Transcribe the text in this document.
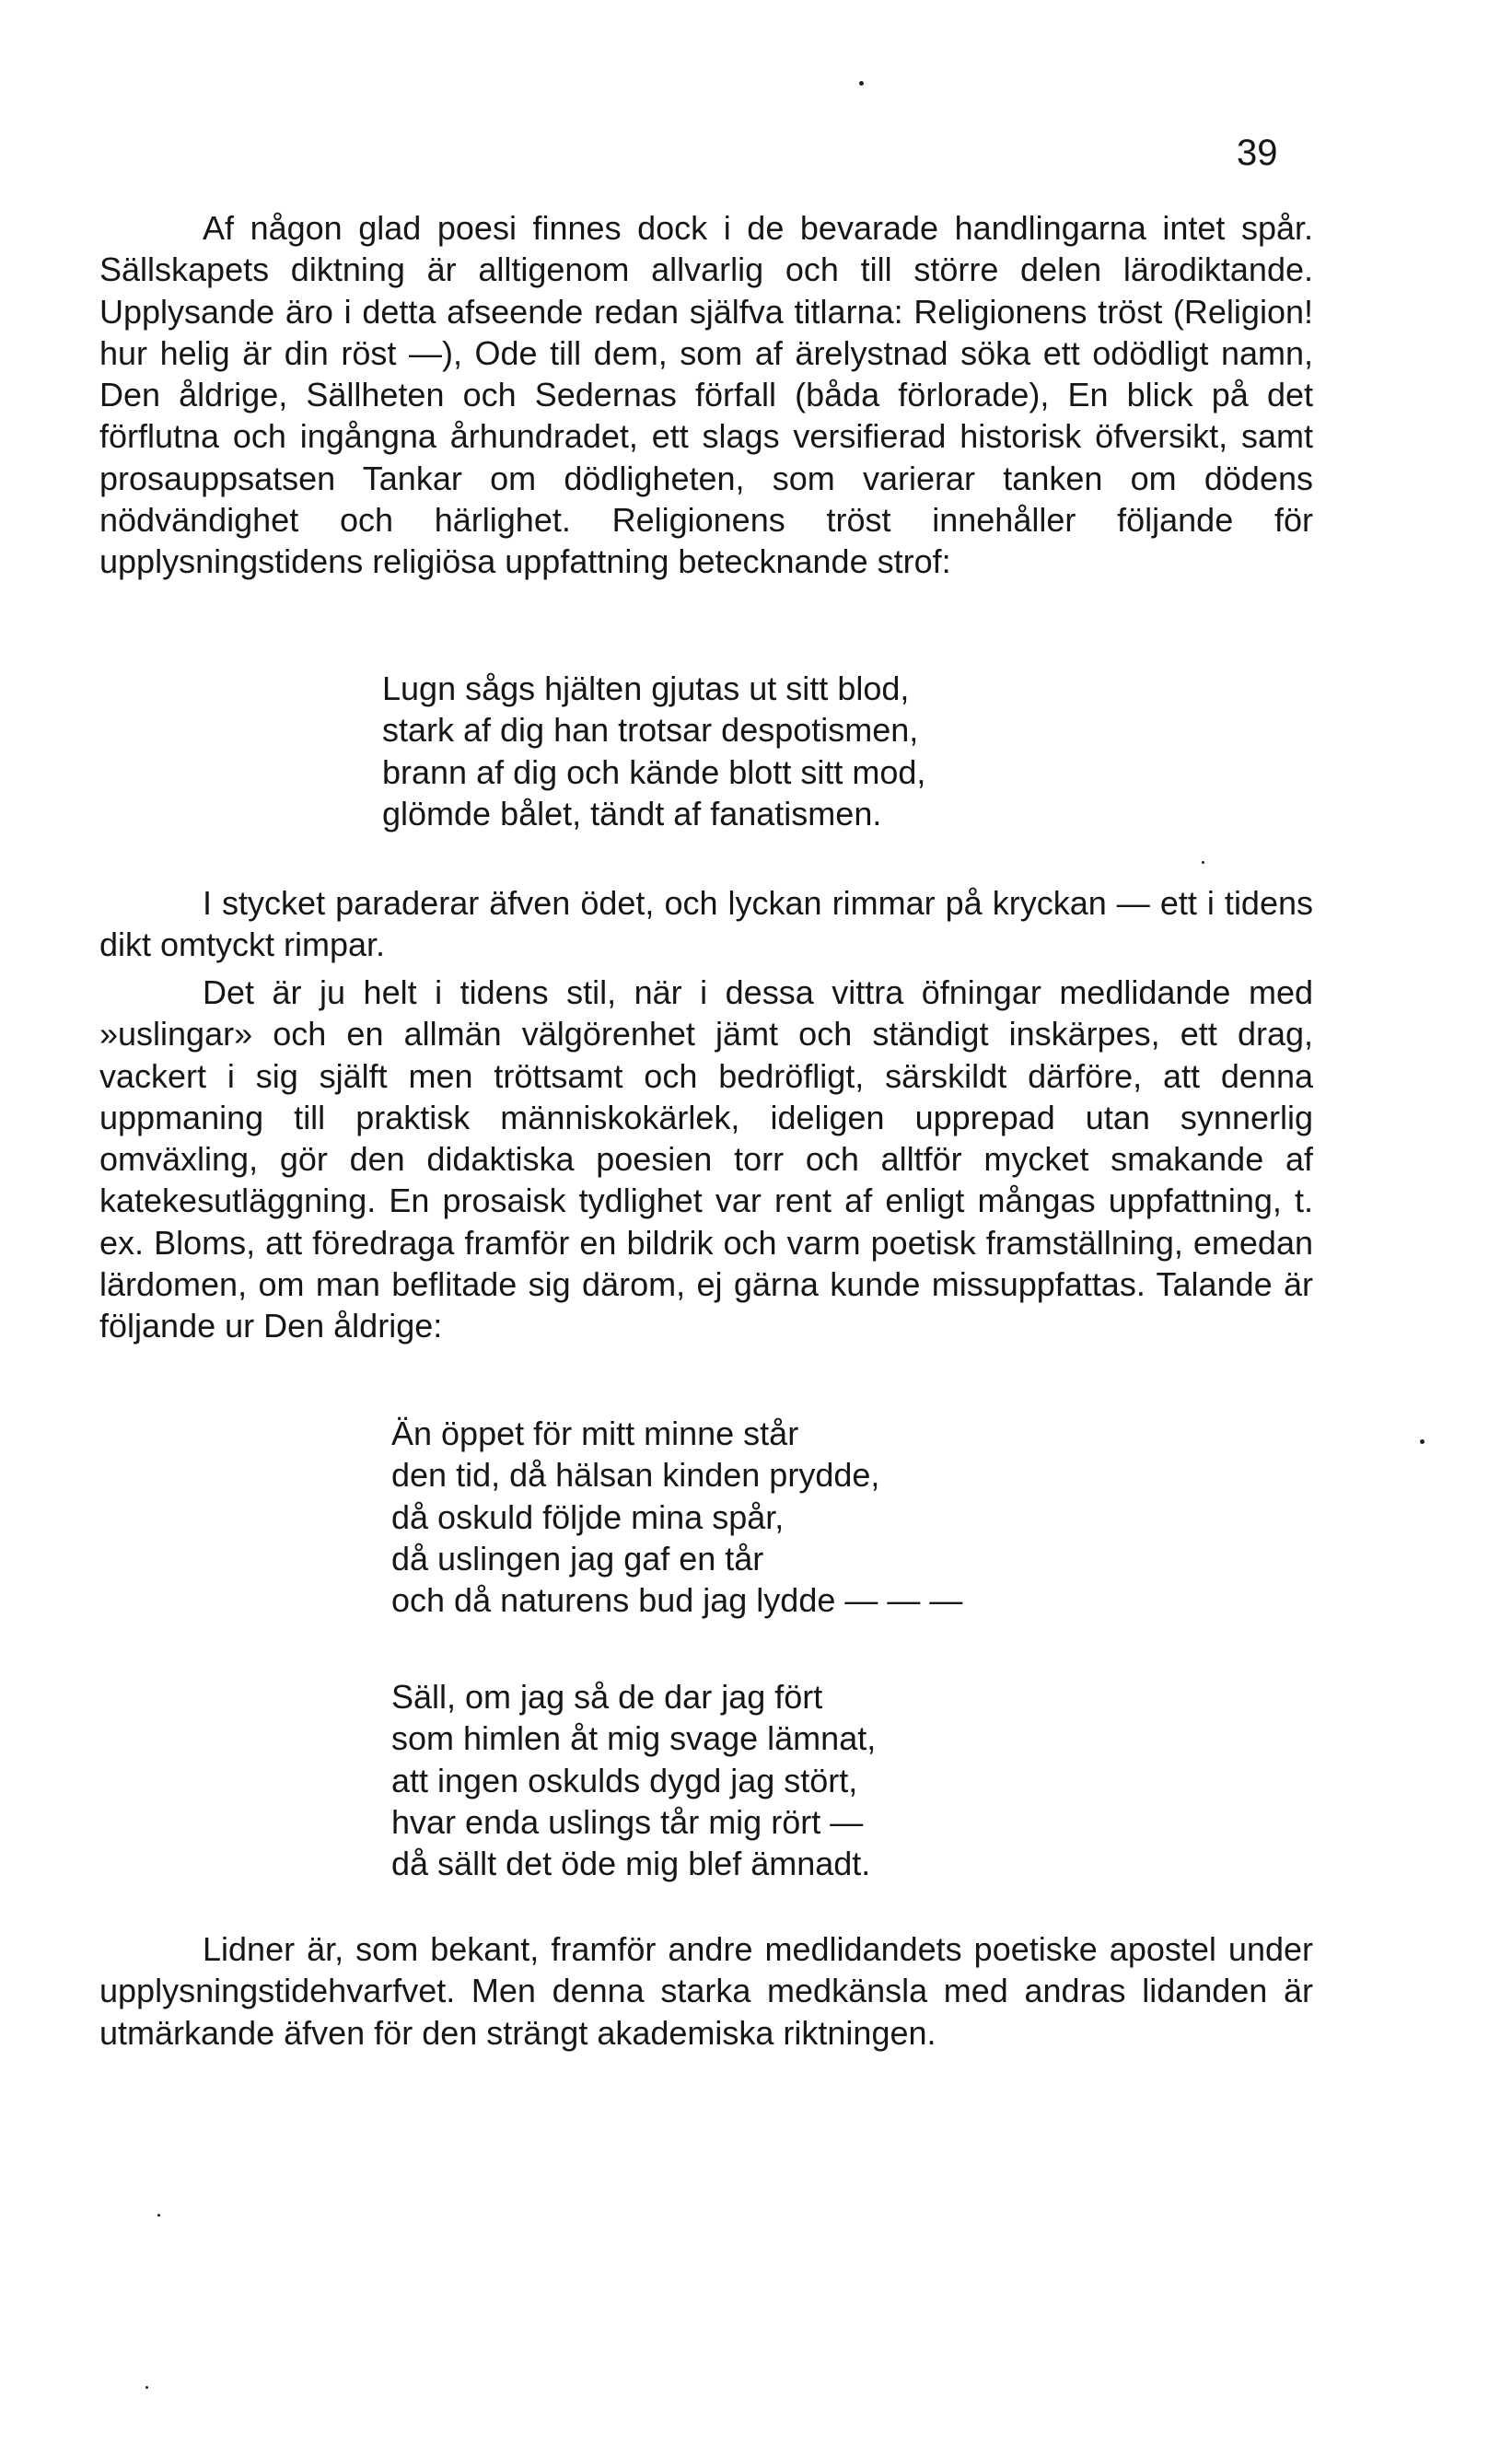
39

Af någon glad poesi finnes dock i de bevarade handlingarna intet spår. Sällskapets diktning är alltigenom allvarlig och till större delen lärodiktande. Upplysande äro i detta afseende redan själfva titlarna: Religionens tröst (Religion! hur helig är din röst —), Ode till dem, som af ärelystnad söka ett odödligt namn, Den åldrige, Sällheten och Sedernas förfall (båda förlorade), En blick på det förflutna och ingångna århundradet, ett slags versifierad historisk öfversikt, samt prosauppsatsen Tankar om dödligheten, som varierar tanken om dödens nödvändighet och härlighet. Religionens tröst innehåller följande för upplysningstidens religiösa uppfattning betecknande strof:

Lugn sågs hjälten gjutas ut sitt blod,
stark af dig han trotsar despotismen,
brann af dig och kände blott sitt mod,
glömde bålet, tändt af fanatismen.

I stycket paraderar äfven ödet, och lyckan rimmar på kryckan — ett i tidens dikt omtyckt rimpar.

Det är ju helt i tidens stil, när i dessa vittra öfningar medlidande med »uslingar» och en allmän välgörenhet jämt och ständigt inskärpes, ett drag, vackert i sig själft men tröttsamt och bedröfligt, särskildt därföre, att denna uppmaning till praktisk människokärlek, ideligen upprepad utan synnerlig omväxling, gör den didaktiska poesien torr och alltför mycket smakande af katekesutläggning. En prosaisk tydlighet var rent af enligt mångas uppfattning, t. ex. Bloms, att föredraga framför en bildrik och varm poetisk framställning, emedan lärdomen, om man beflitade sig därom, ej gärna kunde missuppfattas. Talande är följande ur Den åldrige:

Än öppet för mitt minne står
den tid, då hälsan kinden prydde,
då oskuld följde mina spår,
då uslingen jag gaf en tår
och då naturens bud jag lydde — — —
Säll, om jag så de dar jag fört
som himlen åt mig svage lämnat,
att ingen oskulds dygd jag stört,
hvar enda uslings tår mig rört —
då sällt det öde mig blef ämnadt.

Lidner är, som bekant, framför andre medlidandets poetiske apostel under upplysningstidehvarfvet. Men denna starka medkänsla med andras lidanden är utmärkande äfven för den strängt akademiska riktningen.
